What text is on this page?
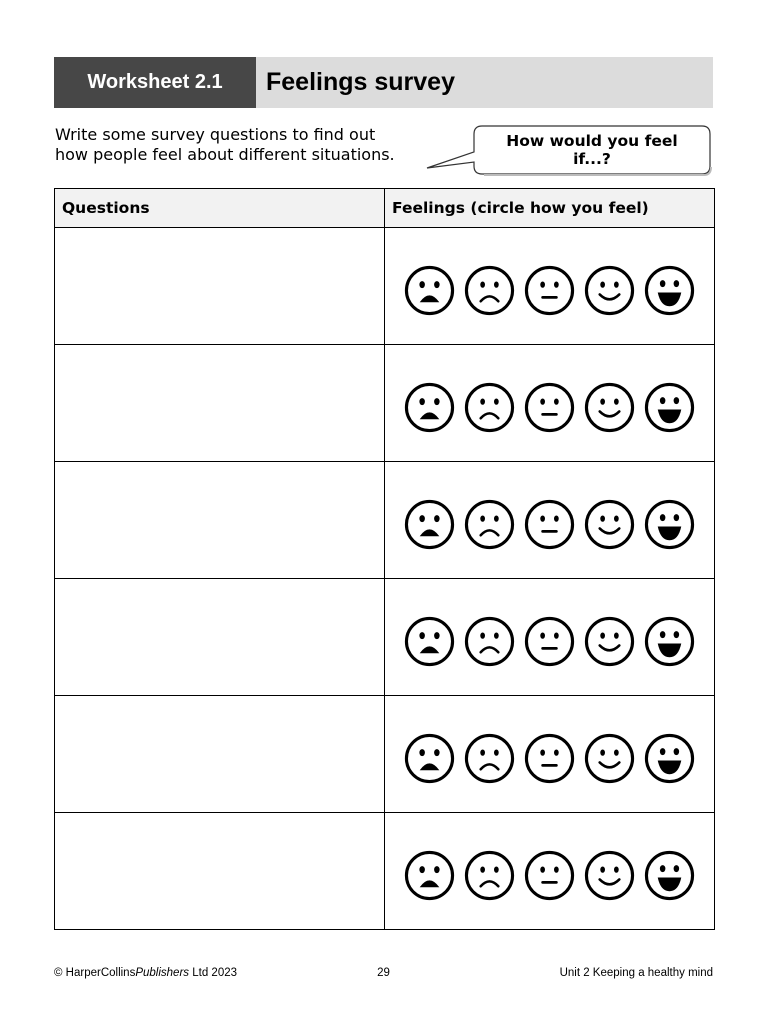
Worksheet 2.1	Feelings survey
Write some survey questions to find out
how people feel about different situations.
How would you feel
if...?
Questions	Feelings (circle how you feel)

© HarperCollinsPublishers Ltd 2023	29	Unit 2 Keeping a healthy mind
